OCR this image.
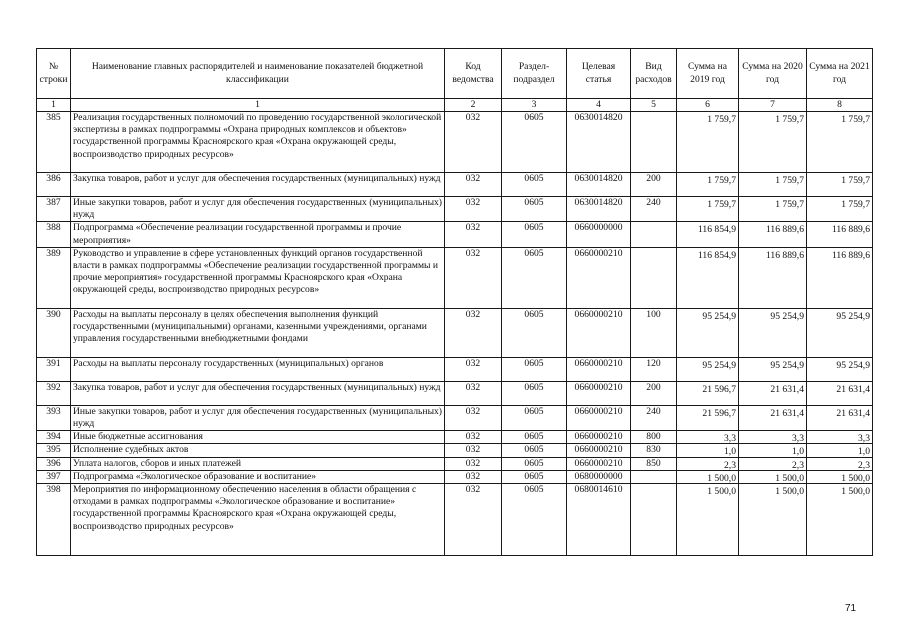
№ строки	Наименование главных распорядителей и наименование показателей бюджетной классификации	Код ведомства	Раздел-подраздел	Целевая статья	Вид расходов	Сумма на 2019 год	Сумма на 2020 год	Сумма на 2021 год
1	1	2	3	4	5	6	7	8
385	Реализация государственных полномочий по проведению государственной экологической экспертизы в рамках подпрограммы «Охрана природных комплексов и объектов» государственной программы Красноярского края «Охрана окружающей среды, воспроизводство природных ресурсов»	032	0605	0630014820		1 759,7	1 759,7	1 759,7
386	Закупка товаров, работ и услуг для обеспечения государственных (муниципальных) нужд	032	0605	0630014820	200	1 759,7	1 759,7	1 759,7
387	Иные закупки товаров, работ и услуг для обеспечения государственных (муниципальных) нужд	032	0605	0630014820	240	1 759,7	1 759,7	1 759,7
388	Подпрограмма «Обеспечение реализации государственной программы и прочие мероприятия»	032	0605	0660000000		116 854,9	116 889,6	116 889,6
389	Руководство и управление в сфере установленных функций органов государственной власти в рамках подпрограммы «Обеспечение реализации государственной программы и прочие мероприятия» государственной программы Красноярского края «Охрана окружающей среды, воспроизводство природных ресурсов»	032	0605	0660000210		116 854,9	116 889,6	116 889,6
390	Расходы на выплаты персоналу в целях обеспечения выполнения функций государственными (муниципальными) органами, казенными учреждениями, органами управления государственными внебюджетными фондами	032	0605	0660000210	100	95 254,9	95 254,9	95 254,9
391	Расходы на выплаты персоналу государственных (муниципальных) органов	032	0605	0660000210	120	95 254,9	95 254,9	95 254,9
392	Закупка товаров, работ и услуг для обеспечения государственных (муниципальных) нужд	032	0605	0660000210	200	21 596,7	21 631,4	21 631,4
393	Иные закупки товаров, работ и услуг для обеспечения государственных (муниципальных) нужд	032	0605	0660000210	240	21 596,7	21 631,4	21 631,4
394	Иные бюджетные ассигнования	032	0605	0660000210	800	3,3	3,3	3,3
395	Исполнение судебных актов	032	0605	0660000210	830	1,0	1,0	1,0
396	Уплата налогов, сборов и иных платежей	032	0605	0660000210	850	2,3	2,3	2,3
397	Подпрограмма «Экологическое образование и воспитание»	032	0605	0680000000		1 500,0	1 500,0	1 500,0
398	Мероприятия по информационному обеспечению населения в области обращения с отходами в рамках подпрограммы «Экологическое образование и воспитание» государственной программы Красноярского края «Охрана окружающей среды, воспроизводство природных ресурсов»	032	0605	0680014610		1 500,0	1 500,0	1 500,0
71
